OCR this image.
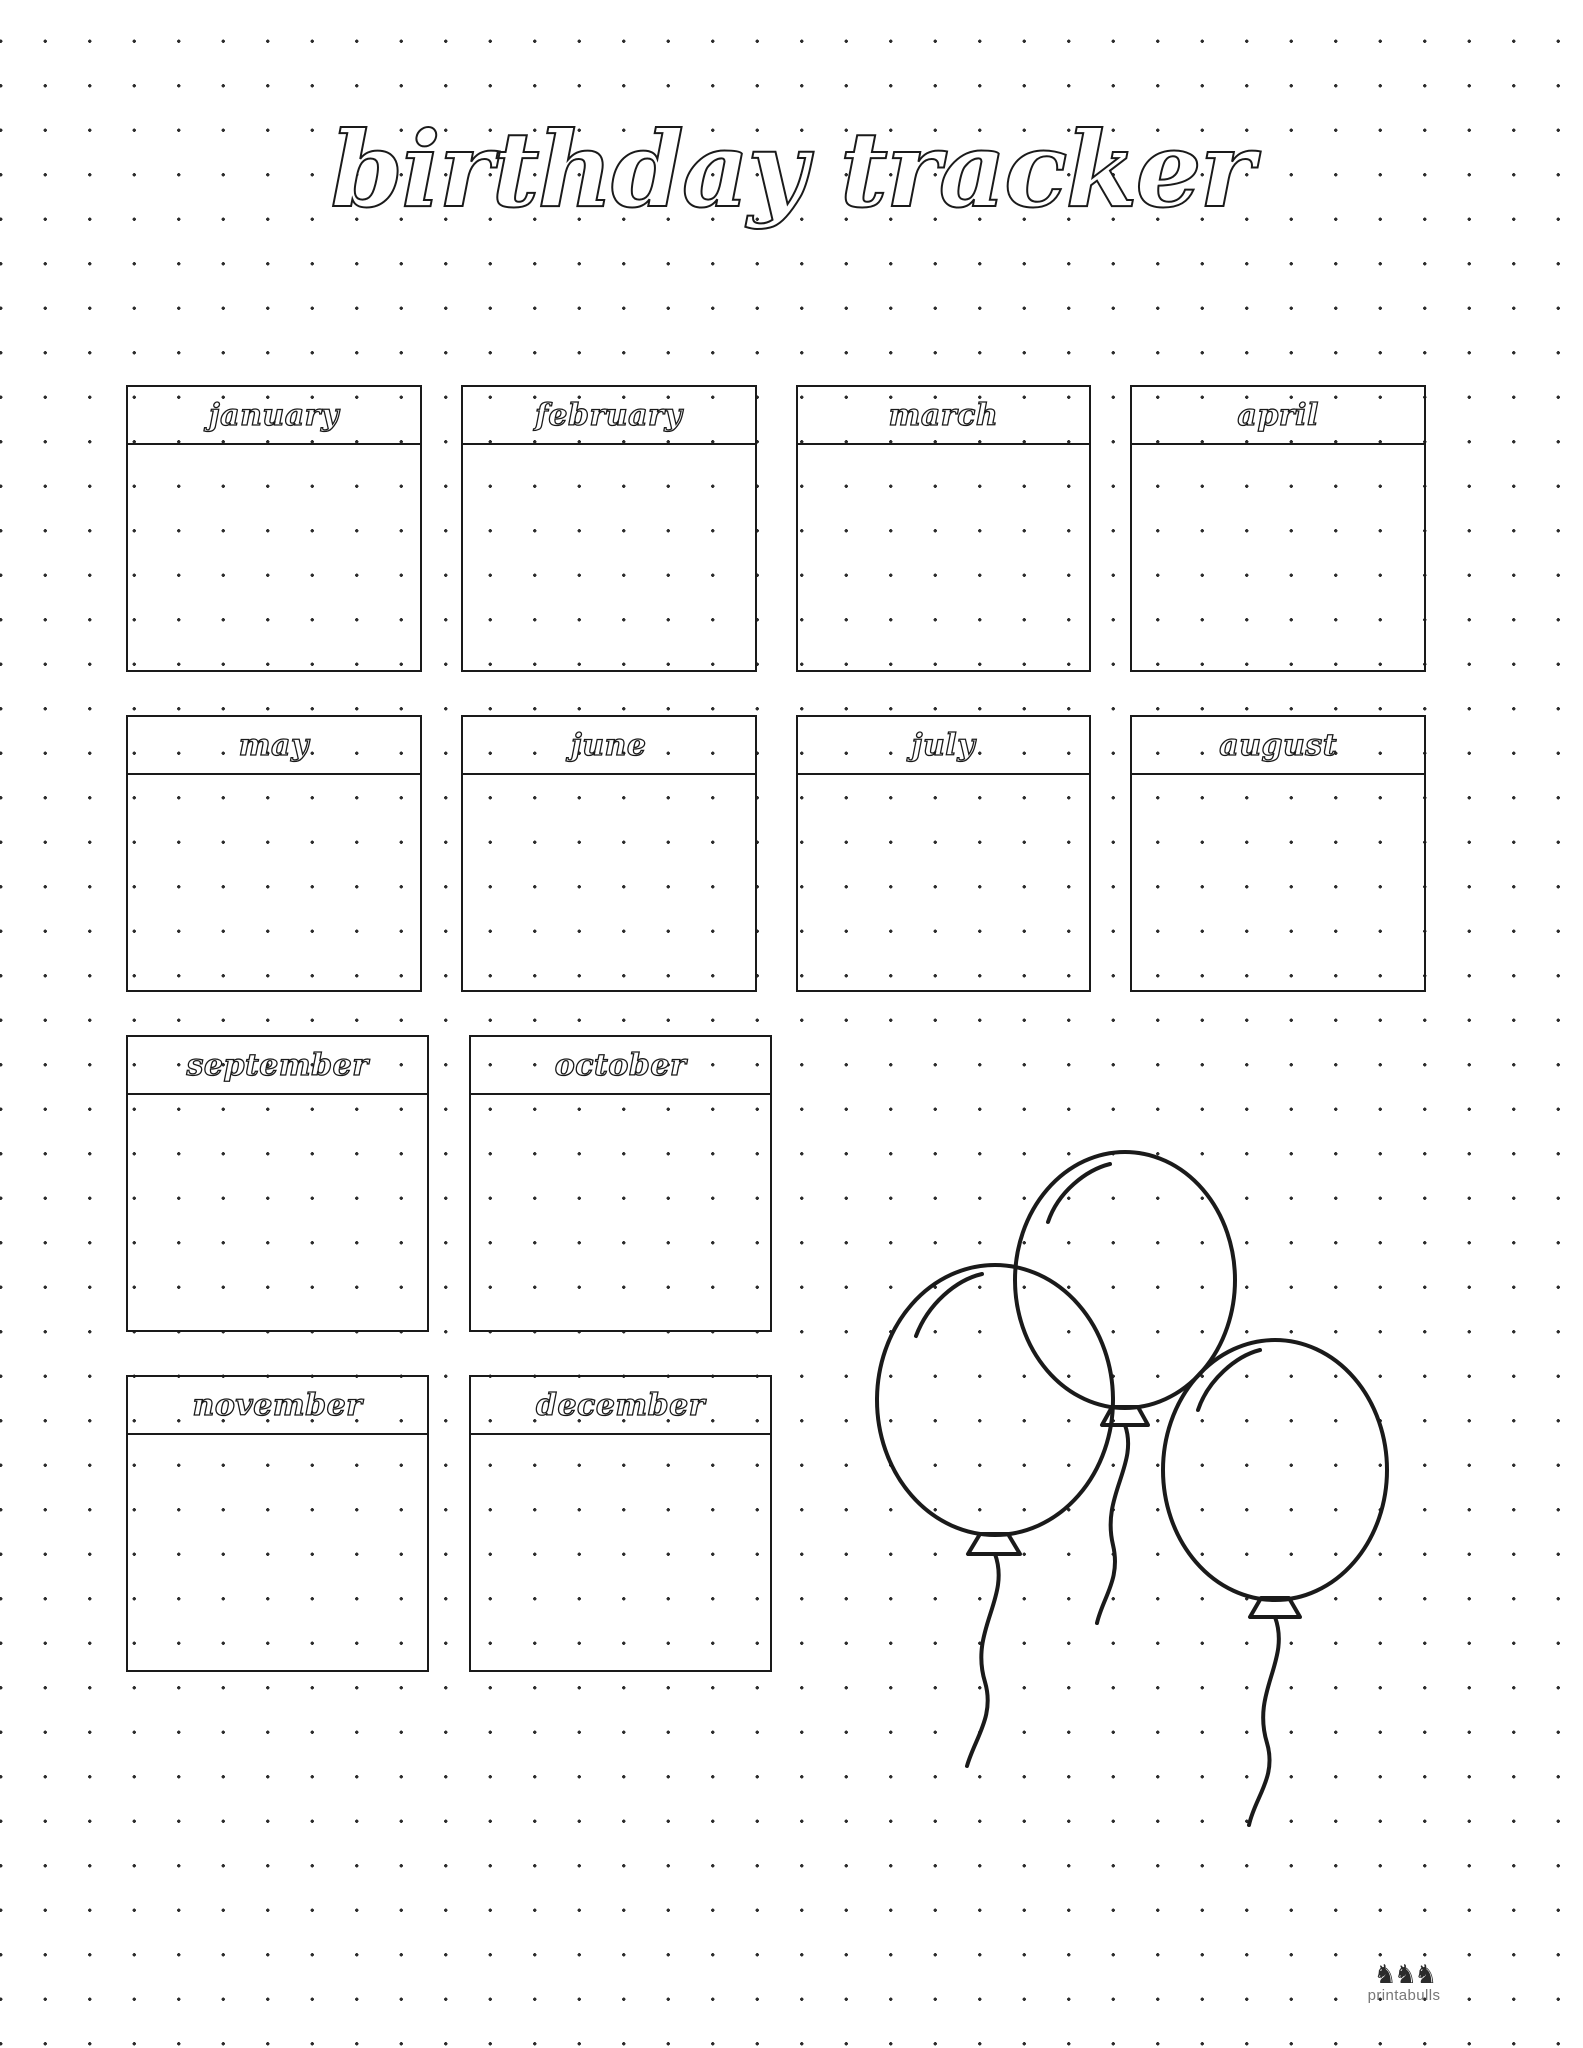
birthday tracker
january	february	march	april
may	june	july	august
september	october
november	december
♞♞♞
printabulls
